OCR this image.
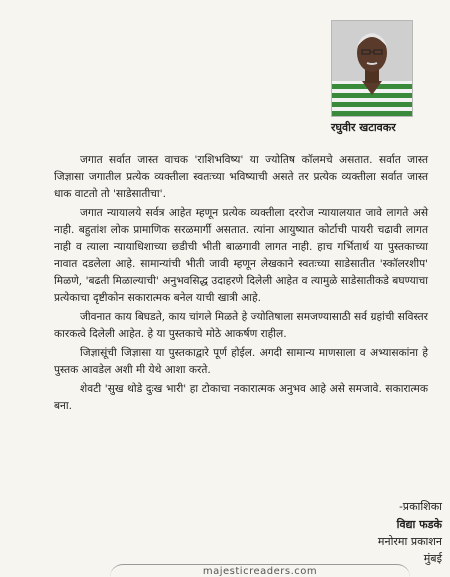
रघुवीर खटावकर

जगात सर्वात जास्त वाचक 'राशिभविष्य' या ज्योतिष कॉलमचे असतात. सर्वात जास्त जिज्ञासा जगातील प्रत्येक व्यक्तीला स्वतःच्या भविष्याची असते तर प्रत्येक व्यक्तीला सर्वात जास्त धाक वाटतो तो 'साडेसातीचा'.

जगात न्यायालये सर्वत्र आहेत म्हणून प्रत्येक व्यक्तीला दररोज न्यायालयात जावे लागते असे नाही. बहुतांश लोक प्रामाणिक सरळमार्गी असतात. त्यांना आयुष्यात कोर्टाची पायरी चढावी लागत नाही व त्याला न्यायाधिशाच्या छडीची भीती बाळगावी लागत नाही. हाच गर्भितार्थ या पुस्तकाच्या नावात दडलेला आहे. सामान्यांची भीती जावी म्हणून लेखकाने स्वतःच्या साडेसातीत 'स्कॉलरशीप' मिळणे, 'बढती मिळाल्याची' अनुभवसिद्ध उदाहरणे दिलेली आहेत व त्यामुळे साडेसातीकडे बघण्याचा प्रत्येकाचा दृष्टीकोन सकारात्मक बनेल याची खात्री आहे.

जीवनात काय बिघडते, काय चांगले मिळते हे ज्योतिषाला समजण्यासाठी सर्व ग्रहांची सविस्तर कारकत्वे दिलेली आहेत. हे या पुस्तकाचे मोठे आकर्षण राहील.

जिज्ञासूंची जिज्ञासा या पुस्तकाद्वारे पूर्ण होईल. अगदी सामान्य माणसाला व अभ्यासकांना हे पुस्तक आवडेल अशी मी येथे आशा करते.

शेवटी 'सुख थोडे दुःख भारी' हा टोकाचा नकारात्मक अनुभव आहे असे समजावे. सकारात्मक बना.

-प्रकाशिका
विद्या फडके
मनोरमा प्रकाशन
मुंबई
majesticreaders.com
